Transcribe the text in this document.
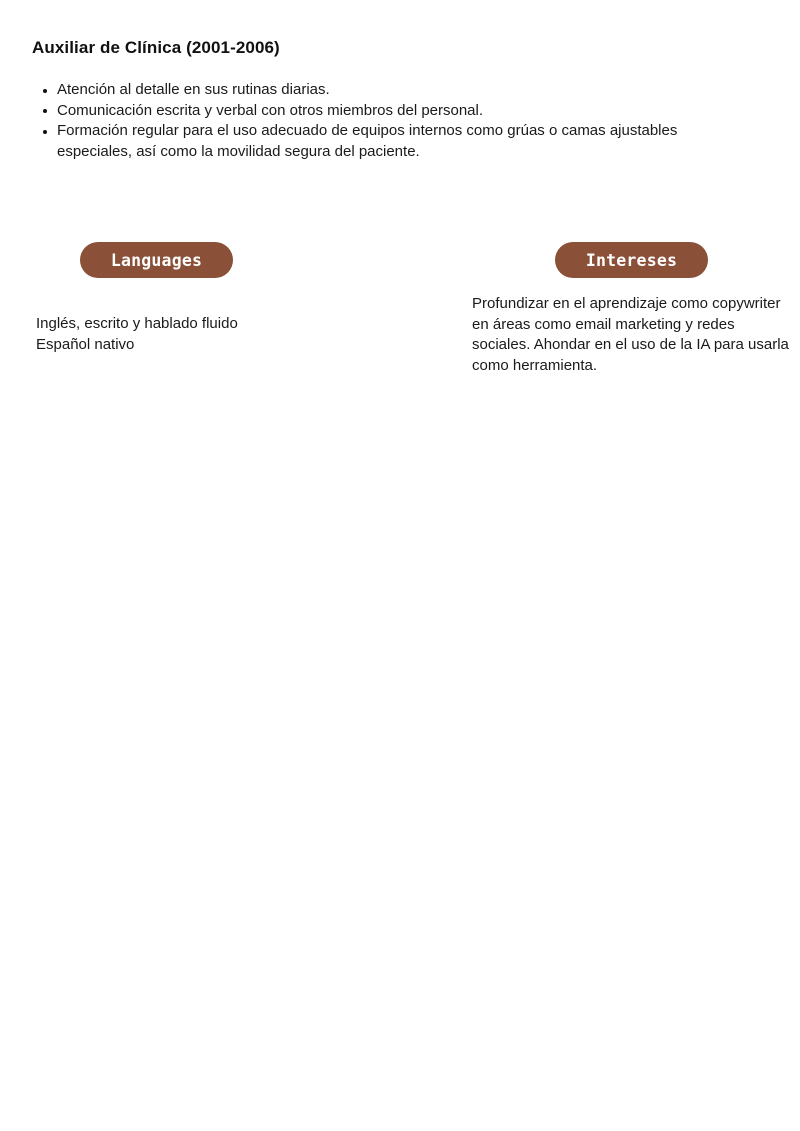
Auxiliar de Clínica (2001-2006)
Atención al detalle en sus rutinas diarias.
Comunicación escrita y verbal con otros miembros del personal.
Formación regular para el uso adecuado de equipos internos como grúas o camas ajustables especiales, así como la movilidad segura del paciente.
Languages	Intereses
Inglés, escrito y hablado fluido
Español nativo

Profundizar en el aprendizaje como copywriter en áreas como email marketing y redes sociales. Ahondar en el uso de la IA para usarla como herramienta.
